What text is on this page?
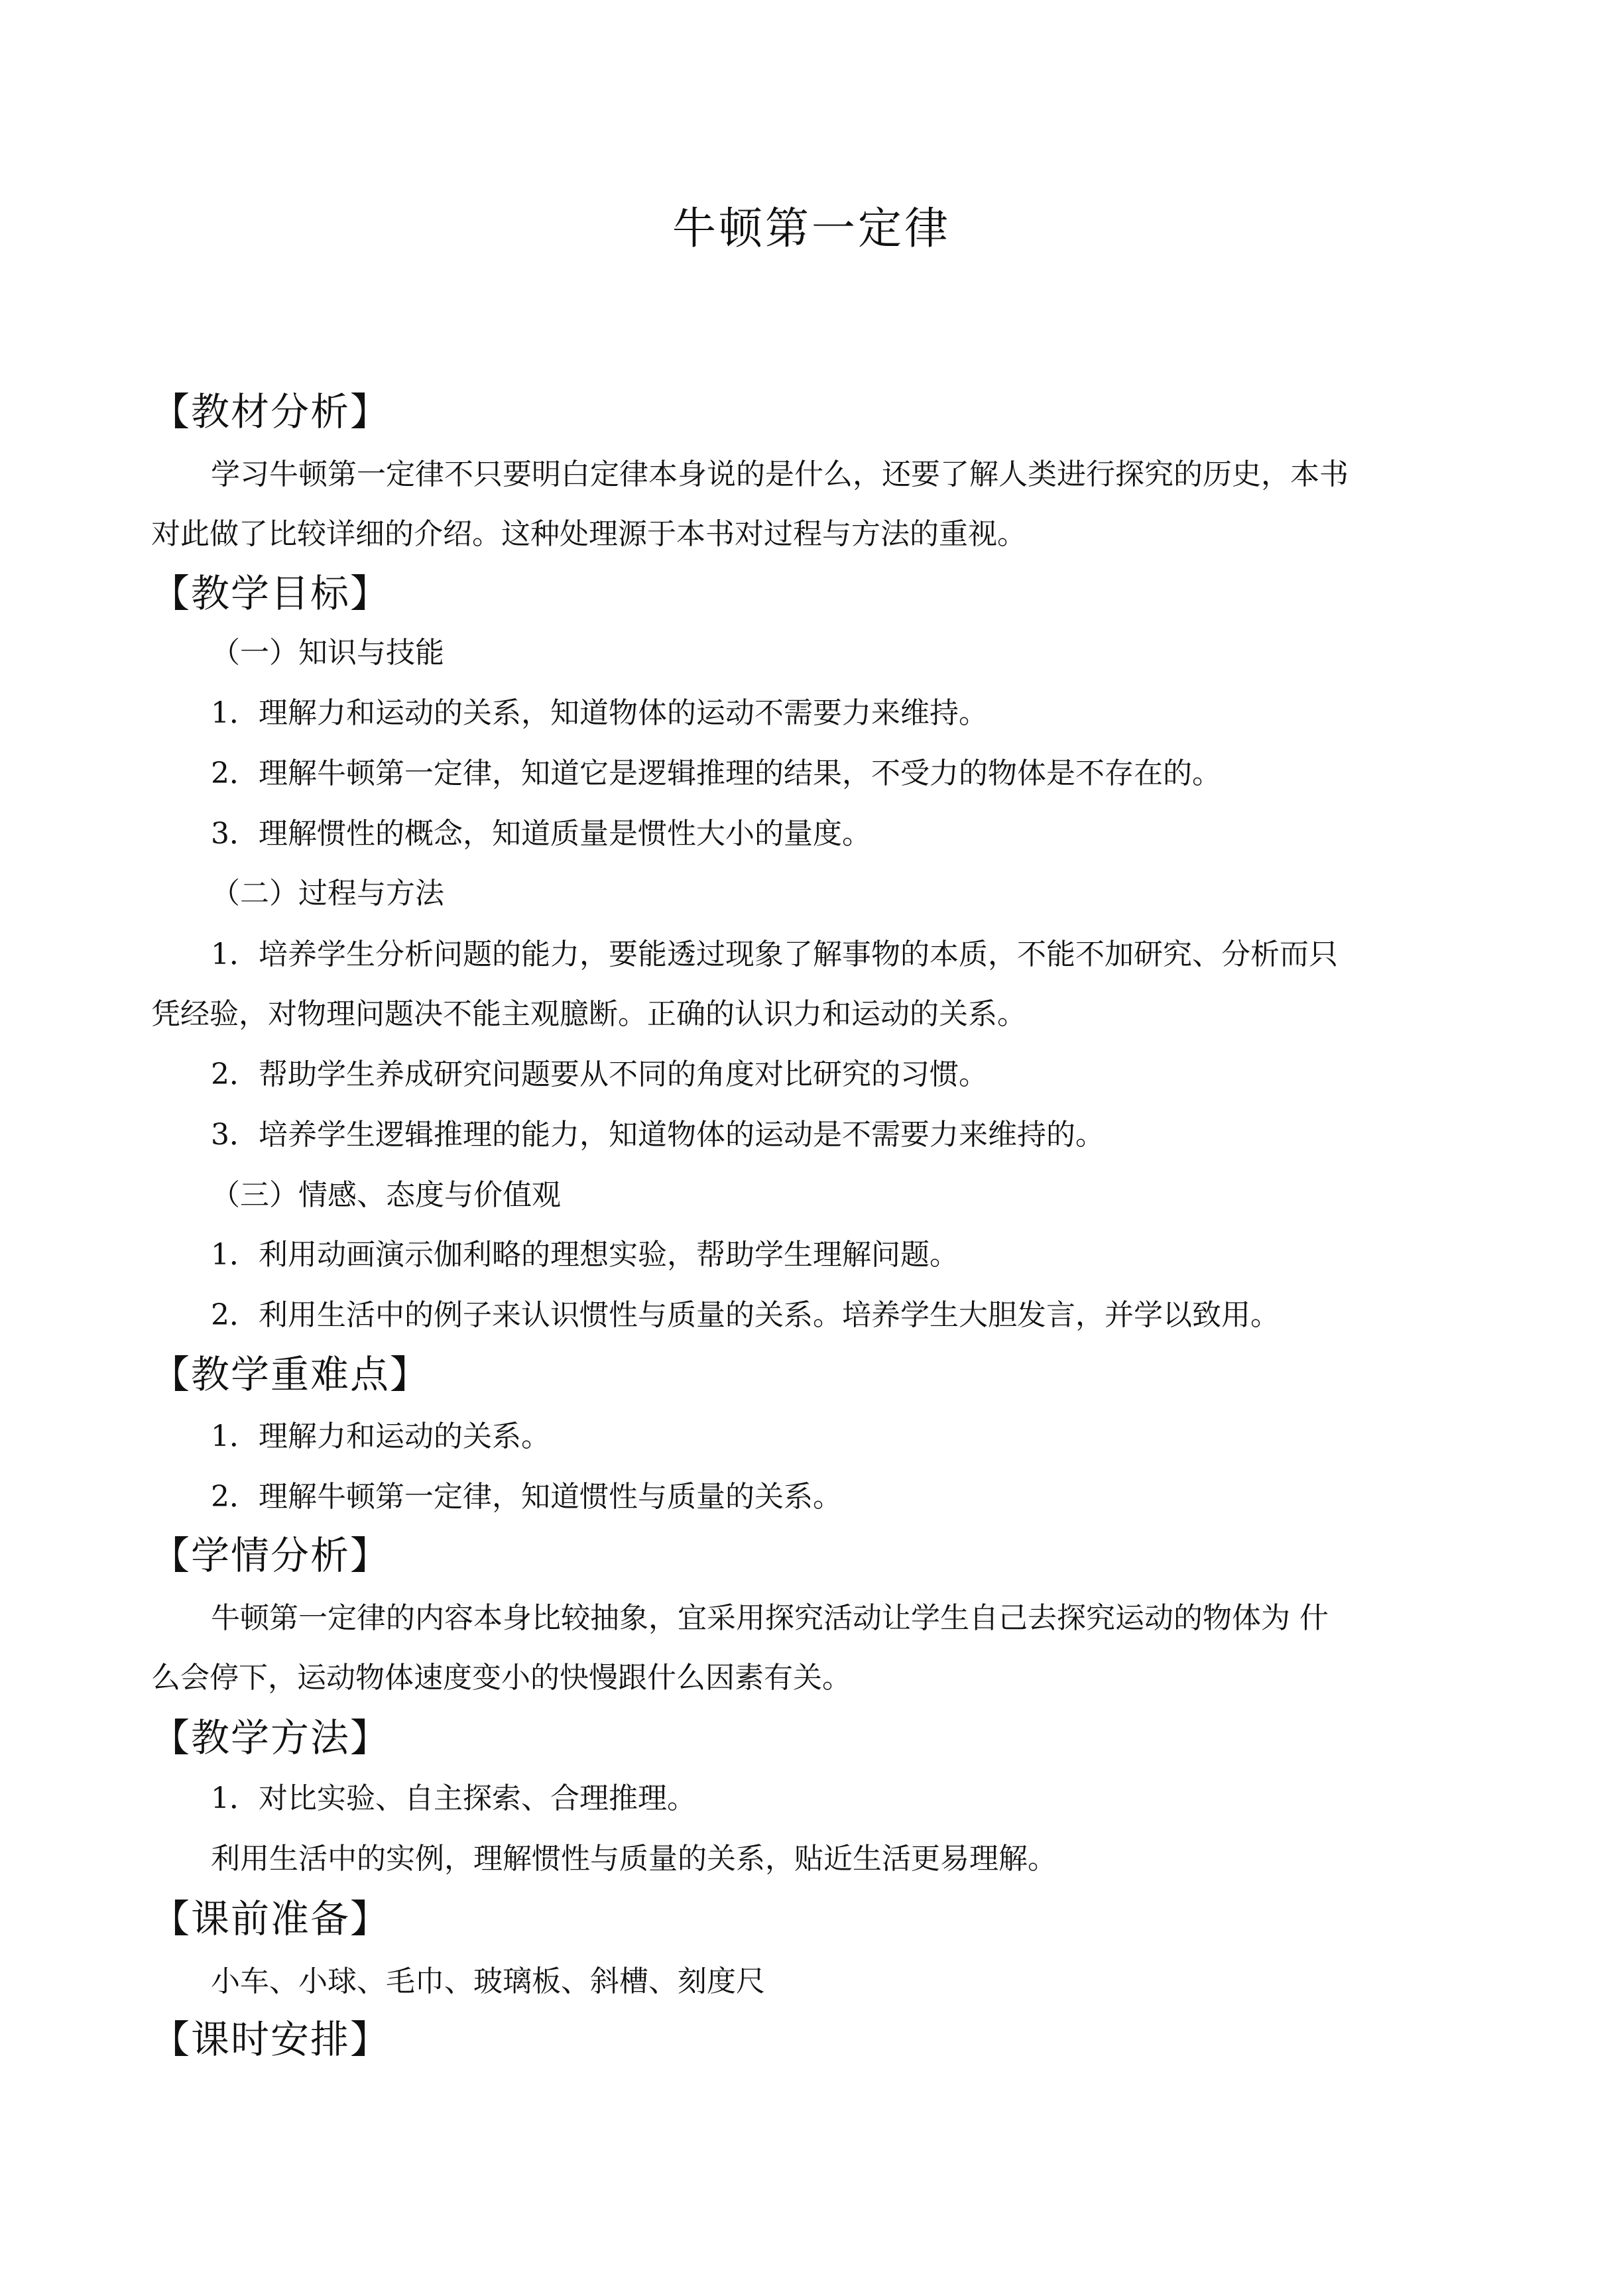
牛顿第一定律
【教材分析】
学习牛顿第一定律不只要明白定律本身说的是什么，还要了解人类进行探究的历史，本书
对此做了比较详细的介绍。这种处理源于本书对过程与方法的重视。
【教学目标】
（一）知识与技能
1．理解力和运动的关系，知道物体的运动不需要力来维持。
2．理解牛顿第一定律，知道它是逻辑推理的结果，不受力的物体是不存在的。
3．理解惯性的概念，知道质量是惯性大小的量度。
（二）过程与方法
1．培养学生分析问题的能力，要能透过现象了解事物的本质，不能不加研究、分析而只
凭经验，对物理问题决不能主观臆断。正确的认识力和运动的关系。
2．帮助学生养成研究问题要从不同的角度对比研究的习惯。
3．培养学生逻辑推理的能力，知道物体的运动是不需要力来维持的。
（三）情感、态度与价值观
1．利用动画演示伽利略的理想实验，帮助学生理解问题。
2．利用生活中的例子来认识惯性与质量的关系。培养学生大胆发言，并学以致用。
【教学重难点】
1．理解力和运动的关系。
2．理解牛顿第一定律，知道惯性与质量的关系。
【学情分析】
牛顿第一定律的内容本身比较抽象，宜采用探究活动让学生自己去探究运动的物体为 什
么会停下，运动物体速度变小的快慢跟什么因素有关。
【教学方法】
1．对比实验、自主探索、合理推理。
利用生活中的实例，理解惯性与质量的关系，贴近生活更易理解。
【课前准备】
小车、小球、毛巾、玻璃板、斜槽、刻度尺
【课时安排】
